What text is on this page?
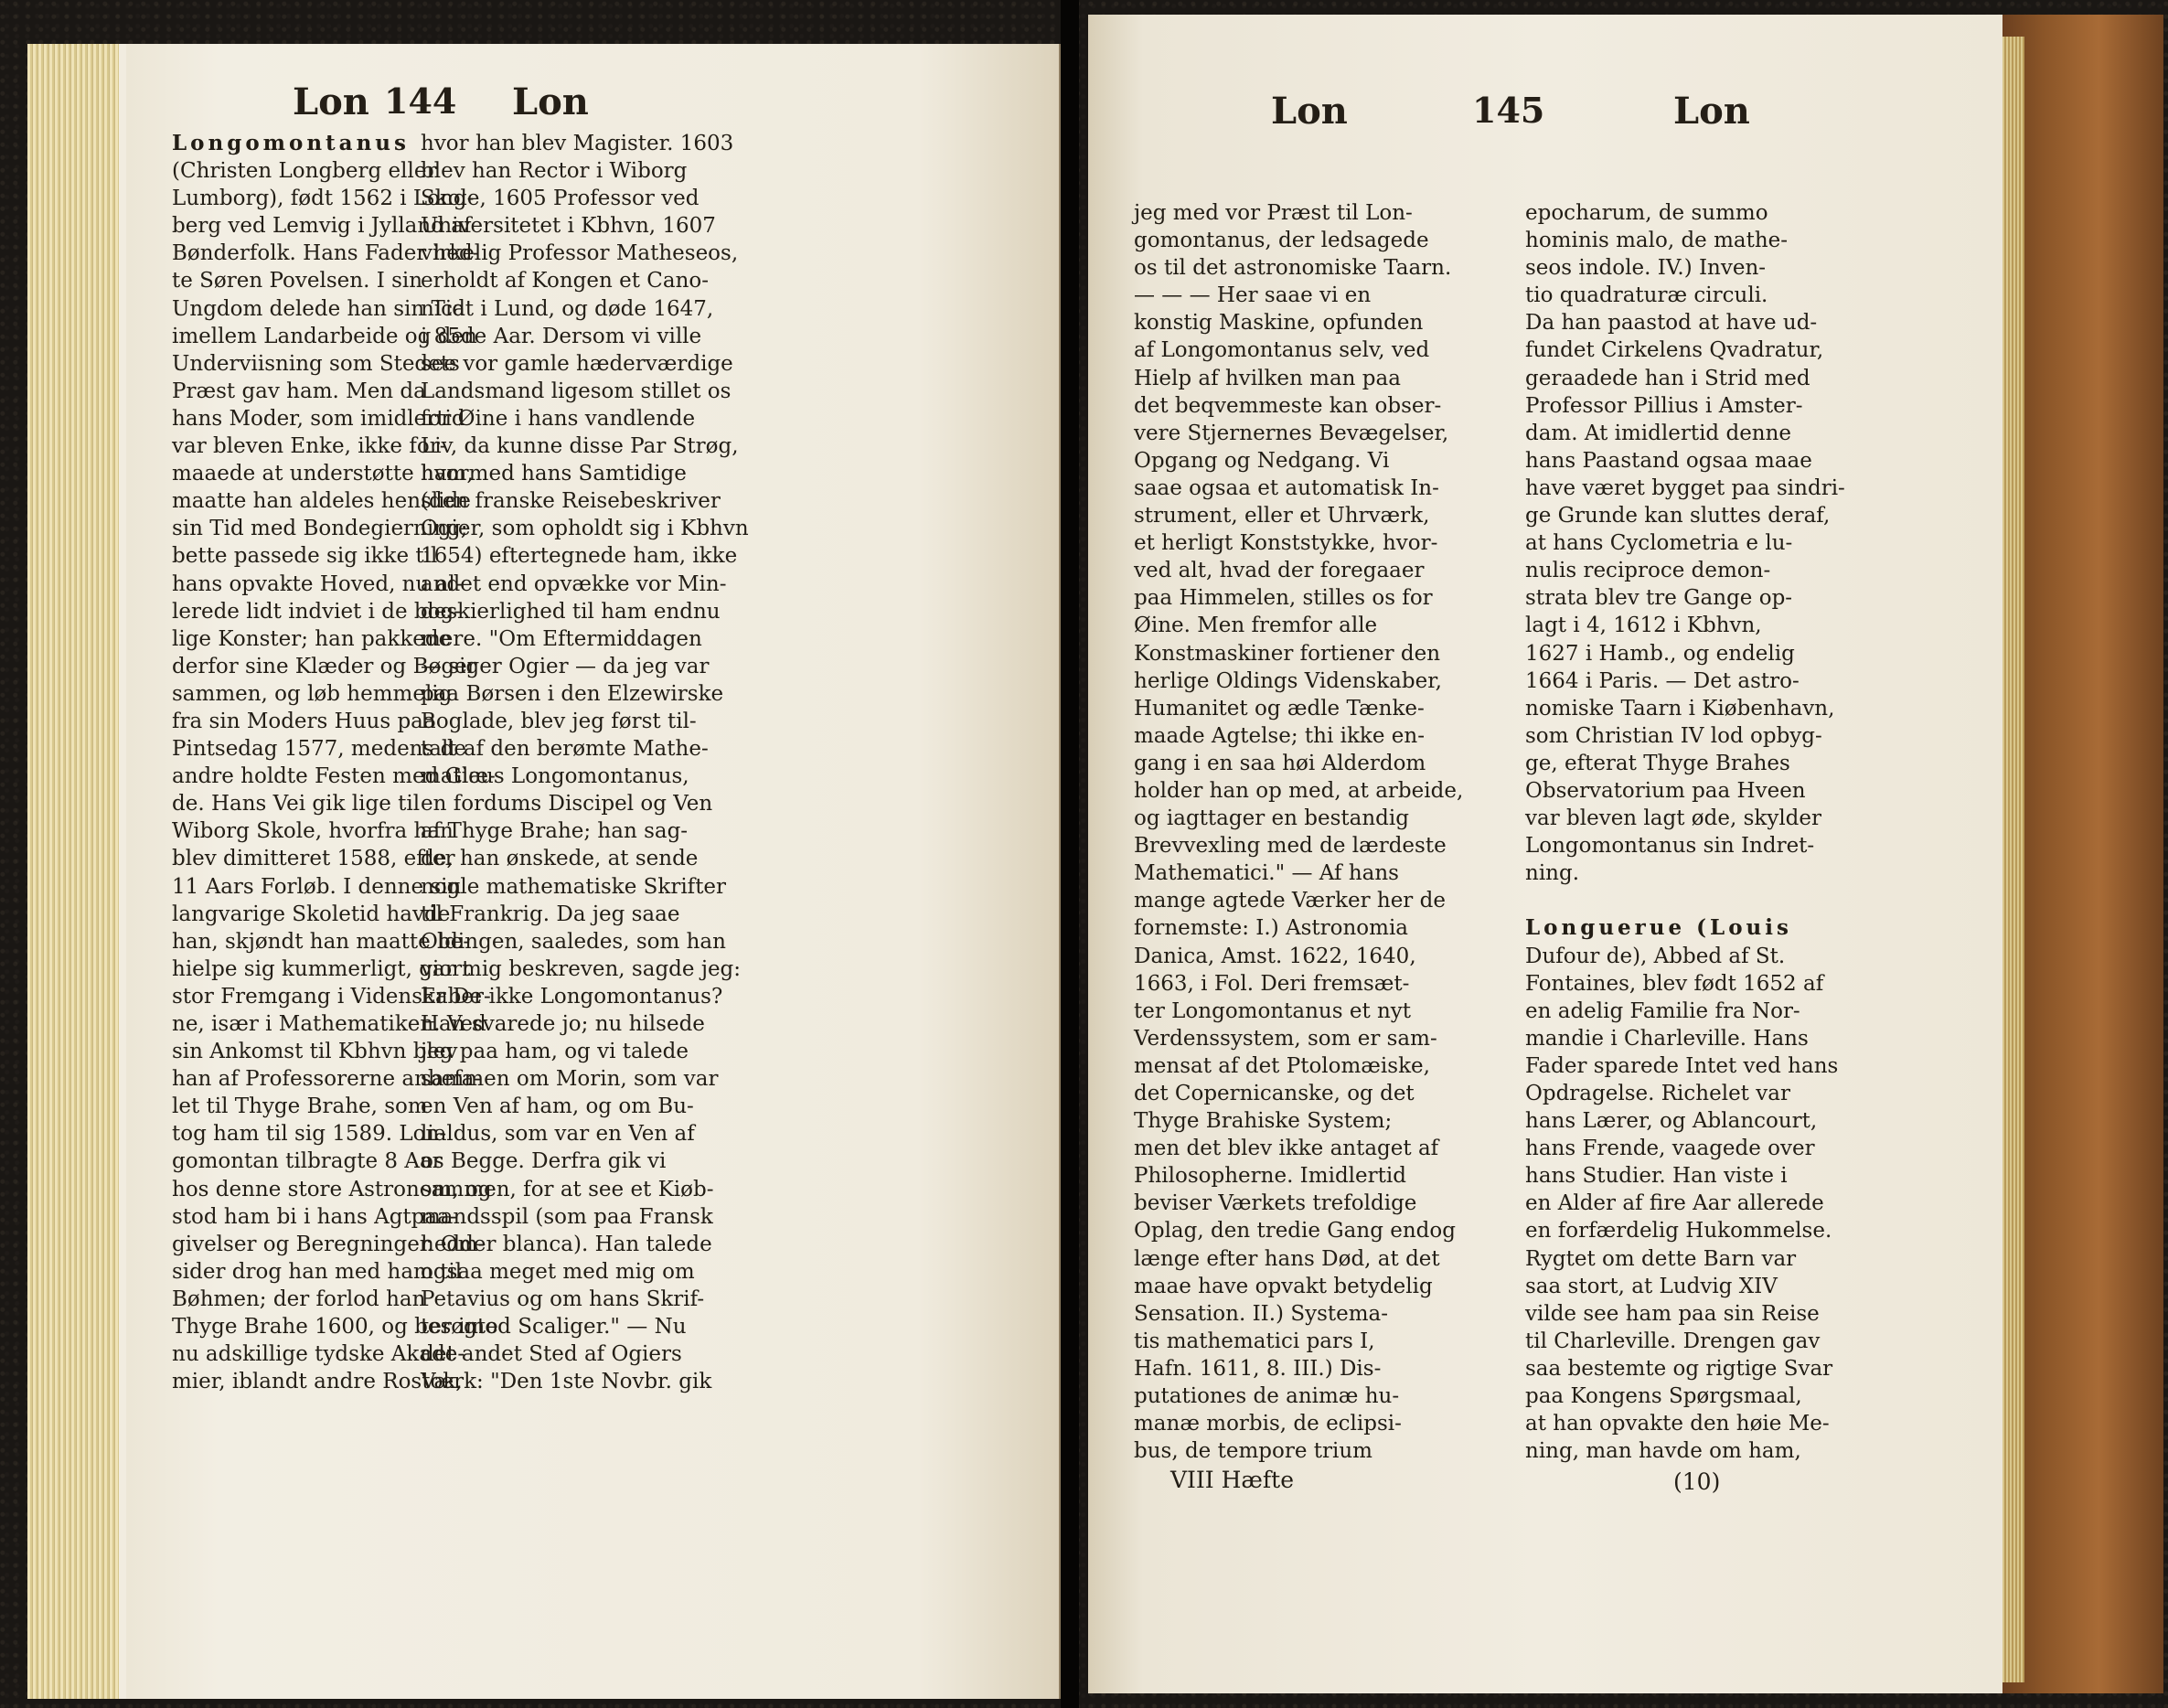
Lon 144 Lon
Longomontanus
(Christen Longberg eller
Lumborg), født 1562 i Long-
berg ved Lemvig i Jylland af
Bønderfolk. Hans Fader hed-
te Søren Povelsen. I sin
Ungdom delede han sin Tid
imellem Landarbeide og den
Underviisning som Stedets
Præst gav ham. Men da
hans Moder, som imidlertid
var bleven Enke, ikke for-
maaede at understøtte ham,
maatte han aldeles henslide
sin Tid med Bondegierning;
bette passede sig ikke til
hans opvakte Hoved, nu al-
lerede lidt indviet i de bog-
lige Konster; han pakkede
derfor sine Klæder og Bøger
sammen, og løb hemmelig
fra sin Moders Huus paa
Pintsedag 1577, medens de
andre holdte Festen med Glæ-
de. Hans Vei gik lige til
Wiborg Skole, hvorfra han
blev dimitteret 1588, efter
11 Aars Forløb. I denne sin
langvarige Skoletid havde
han, skjøndt han maatte be-
hielpe sig kummerligt, giort
stor Fremgang i Videnskaber-
ne, især i Mathematiken. Ved
sin Ankomst til Kbhvn blev
han af Professorerne anbefa-
let til Thyge Brahe, som
tog ham til sig 1589. Lon-
gomontan tilbragte 8 Aar
hos denne store Astronom, og
stod ham bi i hans Agtpaa-
givelser og Beregninger. Om-
sider drog han med ham til
Bøhmen; der forlod han
Thyge Brahe 1600, og besøgte
nu adskillige tydske Akade-
mier, iblandt andre Rostok,
hvor han blev Magister. 1603
blev han Rector i Wiborg
Skole, 1605 Professor ved
Universitetet i Kbhvn, 1607
virkelig Professor Matheseos,
erholdt af Kongen et Cano-
nicat i Lund, og døde 1647,
i 85de Aar. Dersom vi ville
see vor gamle hæderværdige
Landsmand ligesom stillet os
for Øine i hans vandlende
Liv, da kunne disse Par Strøg,
hvormed hans Samtidige
(den franske Reisebeskriver
Ogier, som opholdt sig i Kbhvn
1654) eftertegnede ham, ikke
andet end opvække vor Min-
deskierlighed til ham endnu
mere. "Om Eftermiddagen
— siger Ogier — da jeg var
paa Børsen i den Elzewirske
Boglade, blev jeg først til-
talt af den berømte Mathe-
maticus Longomontanus,
en fordums Discipel og Ven
af Thyge Brahe; han sag-
de, han ønskede, at sende
nogle mathematiske Skrifter
til Frankrig. Da jeg saae
Oldingen, saaledes, som han
var mig beskreven, sagde jeg:
Er De ikke Longomontanus?
Han svarede jo; nu hilsede
jeg paa ham, og vi talede
sammen om Morin, som var
en Ven af ham, og om Bu-
lialdus, som var en Ven af
os Begge. Derfra gik vi
sammen, for at see et Kiøb-
mandsspil (som paa Fransk
hedder blanca). Han talede
ogsaa meget med mig om
Petavius og om hans Skrif-
ter imod Scaliger." — Nu
det andet Sted af Ogiers
Værk: "Den 1ste Novbr. gik
Lon	145	Lon
jeg med vor Præst til Lon-
gomontanus, der ledsagede
os til det astronomiske Taarn.
— — — Her saae vi en
konstig Maskine, opfunden
af Longomontanus selv, ved
Hielp af hvilken man paa
det beqvemmeste kan obser-
vere Stjernernes Bevægelser,
Opgang og Nedgang. Vi
saae ogsaa et automatisk In-
strument, eller et Uhrværk,
et herligt Konststykke, hvor-
ved alt, hvad der foregaaer
paa Himmelen, stilles os for
Øine. Men fremfor alle
Konstmaskiner fortiener den
herlige Oldings Videnskaber,
Humanitet og ædle Tænke-
maade Agtelse; thi ikke en-
gang i en saa høi Alderdom
holder han op med, at arbeide,
og iagttager en bestandig
Brevvexling med de lærdeste
Mathematici." — Af hans
mange agtede Værker her de
fornemste: I.) Astronomia
Danica, Amst. 1622, 1640,
1663, i Fol. Deri fremsæt-
ter Longomontanus et nyt
Verdenssystem, som er sam-
mensat af det Ptolomæiske,
det Copernicanske, og det
Thyge Brahiske System;
men det blev ikke antaget af
Philosopherne. Imidlertid
beviser Værkets trefoldige
Oplag, den tredie Gang endog
længe efter hans Død, at det
maae have opvakt betydelig
Sensation. II.) Systema-
tis mathematici pars I,
Hafn. 1611, 8. III.) Dis-
putationes de animæ hu-
manæ morbis, de eclipsi-
bus, de tempore trium
epocharum, de summo
hominis malo, de mathe-
seos indole. IV.) Inven-
tio quadraturæ circuli.
Da han paastod at have ud-
fundet Cirkelens Qvadratur,
geraadede han i Strid med
Professor Pillius i Amster-
dam. At imidlertid denne
hans Paastand ogsaa maae
have været bygget paa sindri-
ge Grunde kan sluttes deraf,
at hans Cyclometria e lu-
nulis reciproce demon-
strata blev tre Gange op-
lagt i 4, 1612 i Kbhvn,
1627 i Hamb., og endelig
1664 i Paris. — Det astro-
nomiske Taarn i Kiøbenhavn,
som Christian IV lod opbyg-
ge, efterat Thyge Brahes
Observatorium paa Hveen
var bleven lagt øde, skylder
Longomontanus sin Indret-
ning.
Longuerue (Louis
Dufour de), Abbed af St.
Fontaines, blev født 1652 af
en adelig Familie fra Nor-
mandie i Charleville. Hans
Fader sparede Intet ved hans
Opdragelse. Richelet var
hans Lærer, og Ablancourt,
hans Frende, vaagede over
hans Studier. Han viste i
en Alder af fire Aar allerede
en forfærdelig Hukommelse.
Rygtet om dette Barn var
saa stort, at Ludvig XIV
vilde see ham paa sin Reise
til Charleville. Drengen gav
saa bestemte og rigtige Svar
paa Kongens Spørgsmaal,
at han opvakte den høie Me-
ning, man havde om ham,
VIII Hæfte	(10)
